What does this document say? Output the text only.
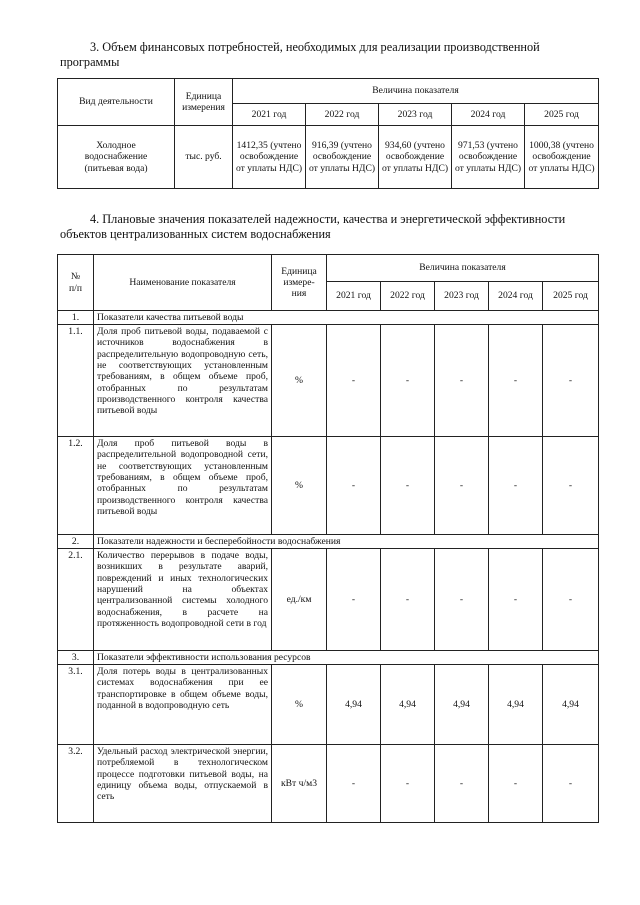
3. Объем финансовых потребностей, необходимых для реализации производственной
программы
Вид деятельности	Единица измерения	Величина показателя				
		2021 год	2022 год	2023 год	2024 год	2025 год
Холодное водоснабжение (питьевая вода)	тыс. руб.	1412,35 (учтено освобождение от уплаты НДС)	916,39 (учтено освобождение от уплаты НДС)	934,60 (учтено освобождение от уплаты НДС)	971,53 (учтено освобождение от уплаты НДС)	1000,38 (учтено освобождение от уплаты НДС)
4. Плановые значения показателей надежности, качества и энергетической эффективности
объектов централизованных систем водоснабжения
№ п/п	Наименование показателя	Единица измере-ния	Величина показателя				
			2021 год	2022 год	2023 год	2024 год	2025 год
1.	Показатели качества питьевой воды						
1.1.	Доля проб питьевой воды, подаваемой с источников водоснабжения в распределительную водопроводную сеть, не соответствующих установленным требованиям, в общем объеме проб, отобранных по результатам производственного контроля качества питьевой воды	%	-	-	-	-	-
1.2.	Доля проб питьевой воды в распределительной водопроводной сети, не соответствующих установленным требованиям, в общем объеме проб, отобранных по результатам производственного контроля качества питьевой воды	%	-	-	-	-	-
2.	Показатели надежности и бесперебойности водоснабжения						
2.1.	Количество перерывов в подаче воды, возникших в результате аварий, повреждений и иных технологических нарушений на объектах централизованной системы холодного водоснабжения, в расчете на протяженность водопроводной сети в год	ед./км	-	-	-	-	-
3.	Показатели эффективности использования ресурсов						
3.1.	Доля потерь воды в централизованных системах водоснабжения при ее транспортировке в общем объеме воды, поданной в водопроводную сеть	%	4,94	4,94	4,94	4,94	4,94
3.2.	Удельный расход электрической энергии, потребляемой в технологическом процессе подготовки питьевой воды, на единицу объема воды, отпускаемой в сеть	кВт ч/м3	-	-	-	-	-
